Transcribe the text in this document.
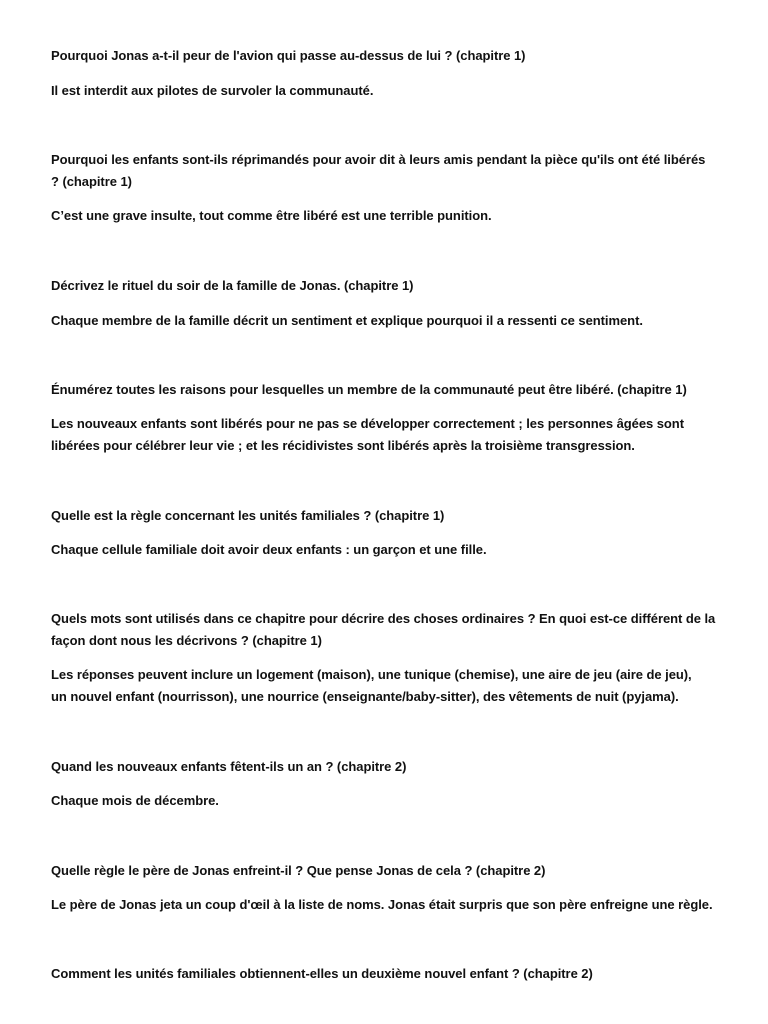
Pourquoi Jonas a-t-il peur de l'avion qui passe au-dessus de lui ? (chapitre 1)
Il est interdit aux pilotes de survoler la communauté.
Pourquoi les enfants sont-ils réprimandés pour avoir dit à leurs amis pendant la pièce qu'ils ont été libérés
? (chapitre 1)
C’est une grave insulte, tout comme être libéré est une terrible punition.
Décrivez le rituel du soir de la famille de Jonas. (chapitre 1)
Chaque membre de la famille décrit un sentiment et explique pourquoi il a ressenti ce sentiment.
Énumérez toutes les raisons pour lesquelles un membre de la communauté peut être libéré. (chapitre 1)
Les nouveaux enfants sont libérés pour ne pas se développer correctement ; les personnes âgées sont
libérées pour célébrer leur vie ; et les récidivistes sont libérés après la troisième transgression.
Quelle est la règle concernant les unités familiales ? (chapitre 1)
Chaque cellule familiale doit avoir deux enfants : un garçon et une fille.
Quels mots sont utilisés dans ce chapitre pour décrire des choses ordinaires ? En quoi est-ce différent de la
façon dont nous les décrivons ? (chapitre 1)
Les réponses peuvent inclure un logement (maison), une tunique (chemise), une aire de jeu (aire de jeu),
un nouvel enfant (nourrisson), une nourrice (enseignante/baby-sitter), des vêtements de nuit (pyjama).
Quand les nouveaux enfants fêtent-ils un an ? (chapitre 2)
Chaque mois de décembre.
Quelle règle le père de Jonas enfreint-il ? Que pense Jonas de cela ? (chapitre 2)
Le père de Jonas jeta un coup d'œil à la liste de noms. Jonas était surpris que son père enfreigne une règle.
Comment les unités familiales obtiennent-elles un deuxième nouvel enfant ? (chapitre 2)
